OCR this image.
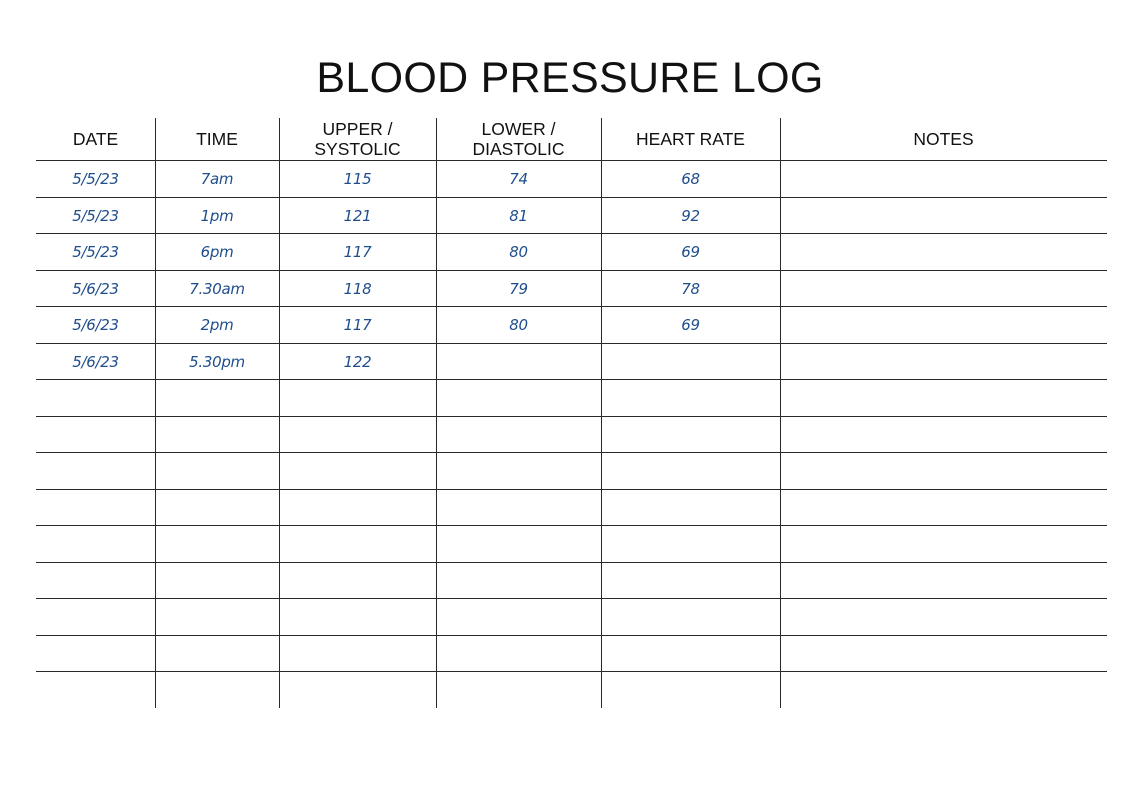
BLOOD PRESSURE LOG
DATE	TIME	UPPER /
SYSTOLIC
LOWER /
DIASTOLIC	HEART RATE	NOTES
5/5/23	7am	115	74	68
5/5/23	1pm	121	81	92
5/5/23	6pm	117	80	69
5/6/23	7.30am	118	79	78
5/6/23	2pm	117	80	69
5/6/23	5.30pm	122
